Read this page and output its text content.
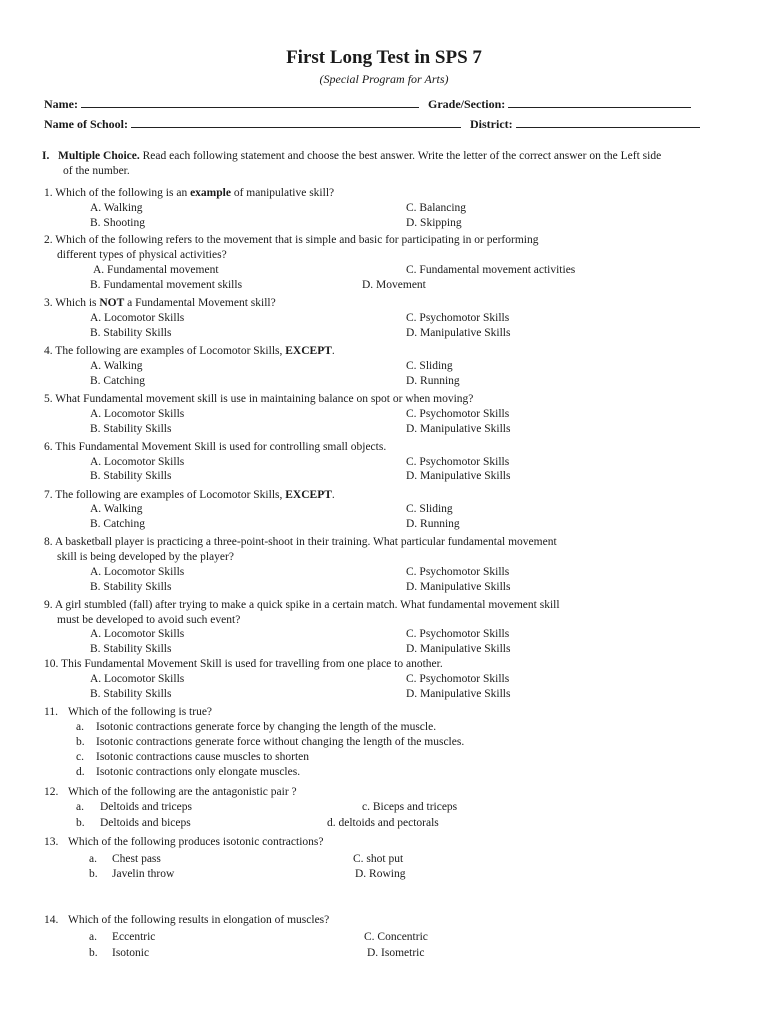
First Long Test in SPS 7
(Special Program for Arts)
Name:	Grade/Section:
Name of School:	District:
I. Multiple Choice. Read each following statement and choose the best answer. Write the letter of the correct answer on the Left side
of the number.
1. Which of the following is an example of manipulative skill?
A. Walking	C. Balancing
B. Shooting	D. Skipping
2. Which of the following refers to the movement that is simple and basic for participating in or performing
different types of physical activities?
A. Fundamental movement	C. Fundamental movement activities
B. Fundamental movement skills	D. Movement
3. Which is NOT a Fundamental Movement skill?
A. Locomotor Skills	C. Psychomotor Skills
B. Stability Skills	D. Manipulative Skills
4. The following are examples of Locomotor Skills, EXCEPT.
A. Walking	C. Sliding
B. Catching	D. Running
5. What Fundamental movement skill is use in maintaining balance on spot or when moving?
A. Locomotor Skills	C. Psychomotor Skills
B. Stability Skills	D. Manipulative Skills
6. This Fundamental Movement Skill is used for controlling small objects.
A. Locomotor Skills	C. Psychomotor Skills
B. Stability Skills	D. Manipulative Skills
7. The following are examples of Locomotor Skills, EXCEPT.
A. Walking	C. Sliding
B. Catching	D. Running
8. A basketball player is practicing a three-point-shoot in their training. What particular fundamental movement
skill is being developed by the player?
A. Locomotor Skills	C. Psychomotor Skills
B. Stability Skills	D. Manipulative Skills
9. A girl stumbled (fall) after trying to make a quick spike in a certain match. What fundamental movement skill
must be developed to avoid such event?
A. Locomotor Skills	C. Psychomotor Skills
B. Stability Skills	D. Manipulative Skills
10. This Fundamental Movement Skill is used for travelling from one place to another.
A. Locomotor Skills	C. Psychomotor Skills
B. Stability Skills	D. Manipulative Skills
11. Which of the following is true?
a. Isotonic contractions generate force by changing the length of the muscle.
b. Isotonic contractions generate force without changing the length of the muscles.
c. Isotonic contractions cause muscles to shorten
d. Isotonic contractions only elongate muscles.
12. Which of the following are the antagonistic pair ?
a. Deltoids and triceps	c. Biceps and triceps
b. Deltoids and biceps	d. deltoids and pectorals
13. Which of the following produces isotonic contractions?
a. Chest pass	C. shot put
b. Javelin throw	D. Rowing
14. Which of the following results in elongation of muscles?
a. Eccentric	C. Concentric
b. Isotonic	D. Isometric
